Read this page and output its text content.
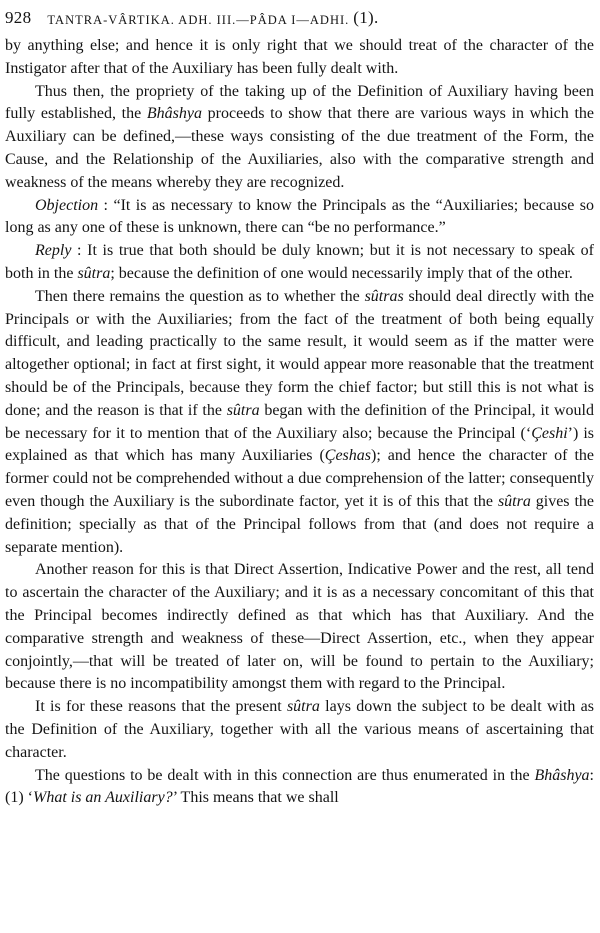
928 TANTRA-VÂRTIKA. ADH. III.—PÂDA I—ADHI. (1).

by anything else; and hence it is only right that we should treat of the character of the Instigator after that of the Auxiliary has been fully dealt with.

Thus then, the propriety of the taking up of the Definition of Auxiliary having been fully established, the Bhâshya proceeds to show that there are various ways in which the Auxiliary can be defined,—these ways consisting of the due treatment of the Form, the Cause, and the Relationship of the Auxiliaries, also with the comparative strength and weakness of the means whereby they are recognized.

Objection : “It is as necessary to know the Principals as the “Auxiliaries; because so long as any one of these is unknown, there can “be no performance.”

Reply : It is true that both should be duly known; but it is not necessary to speak of both in the sûtra; because the definition of one would necessarily imply that of the other.

Then there remains the question as to whether the sûtras should deal directly with the Principals or with the Auxiliaries; from the fact of the treatment of both being equally difficult, and leading practically to the same result, it would seem as if the matter were altogether optional; in fact at first sight, it would appear more reasonable that the treatment should be of the Principals, because they form the chief factor; but still this is not what is done; and the reason is that if the sûtra began with the definition of the Principal, it would be necessary for it to mention that of the Auxiliary also; because the Principal (‘Çeshi’) is explained as that which has many Auxiliaries (Çeshas); and hence the character of the former could not be comprehended without a due comprehension of the latter; consequently even though the Auxiliary is the subordinate factor, yet it is of this that the sûtra gives the definition; specially as that of the Principal follows from that (and does not require a separate mention).

Another reason for this is that Direct Assertion, Indicative Power and the rest, all tend to ascertain the character of the Auxiliary; and it is as a necessary concomitant of this that the Principal becomes indirectly defined as that which has that Auxiliary. And the comparative strength and weakness of these—Direct Assertion, etc., when they appear conjointly,—that will be treated of later on, will be found to pertain to the Auxiliary; because there is no incompatibility amongst them with regard to the Principal.

It is for these reasons that the present sûtra lays down the subject to be dealt with as the Definition of the Auxiliary, together with all the various means of ascertaining that character.

The questions to be dealt with in this connection are thus enumerated in the Bhâshya: (1) ‘What is an Auxiliary?’ This means that we shall
